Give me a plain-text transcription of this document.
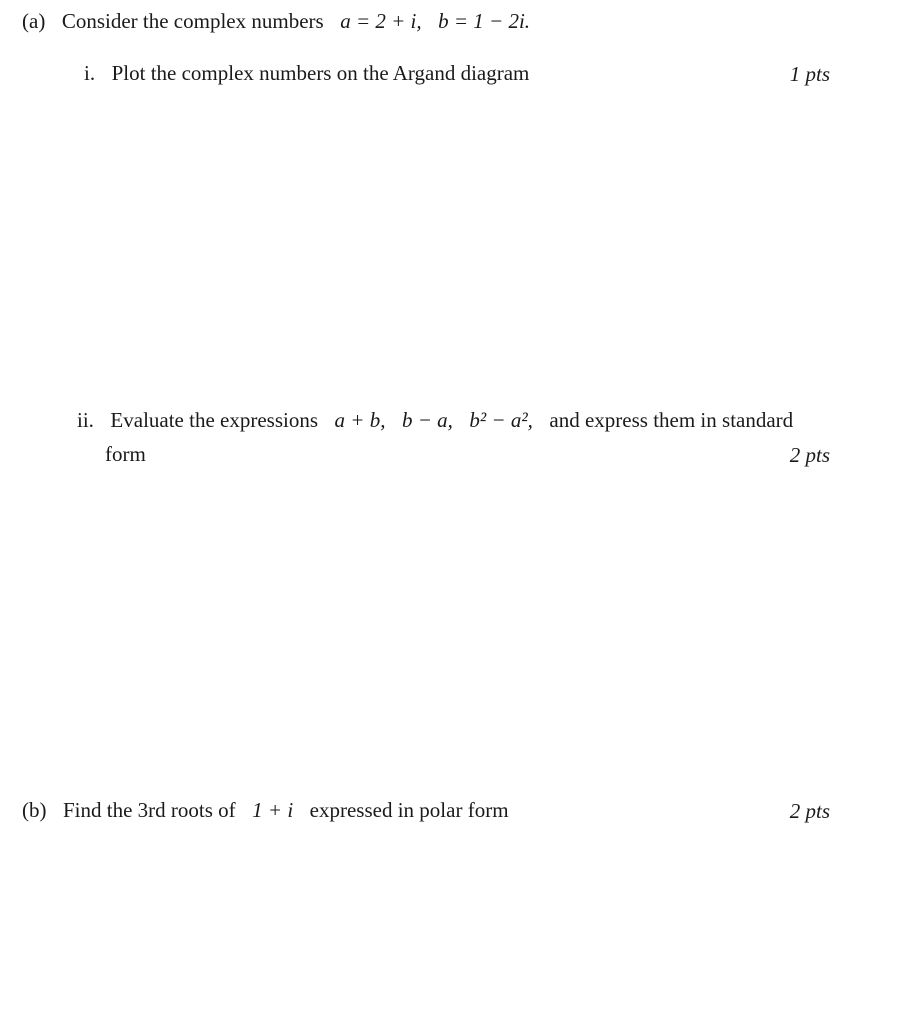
(a) Consider the complex numbers a = 2 + i, b = 1 − 2i.
i. Plot the complex numbers on the Argand diagram	1 pts
ii. Evaluate the expressions a + b, b − a, b² − a², and express them in standard
form	2 pts
(b) Find the 3rd roots of 1 + i expressed in polar form	2 pts
